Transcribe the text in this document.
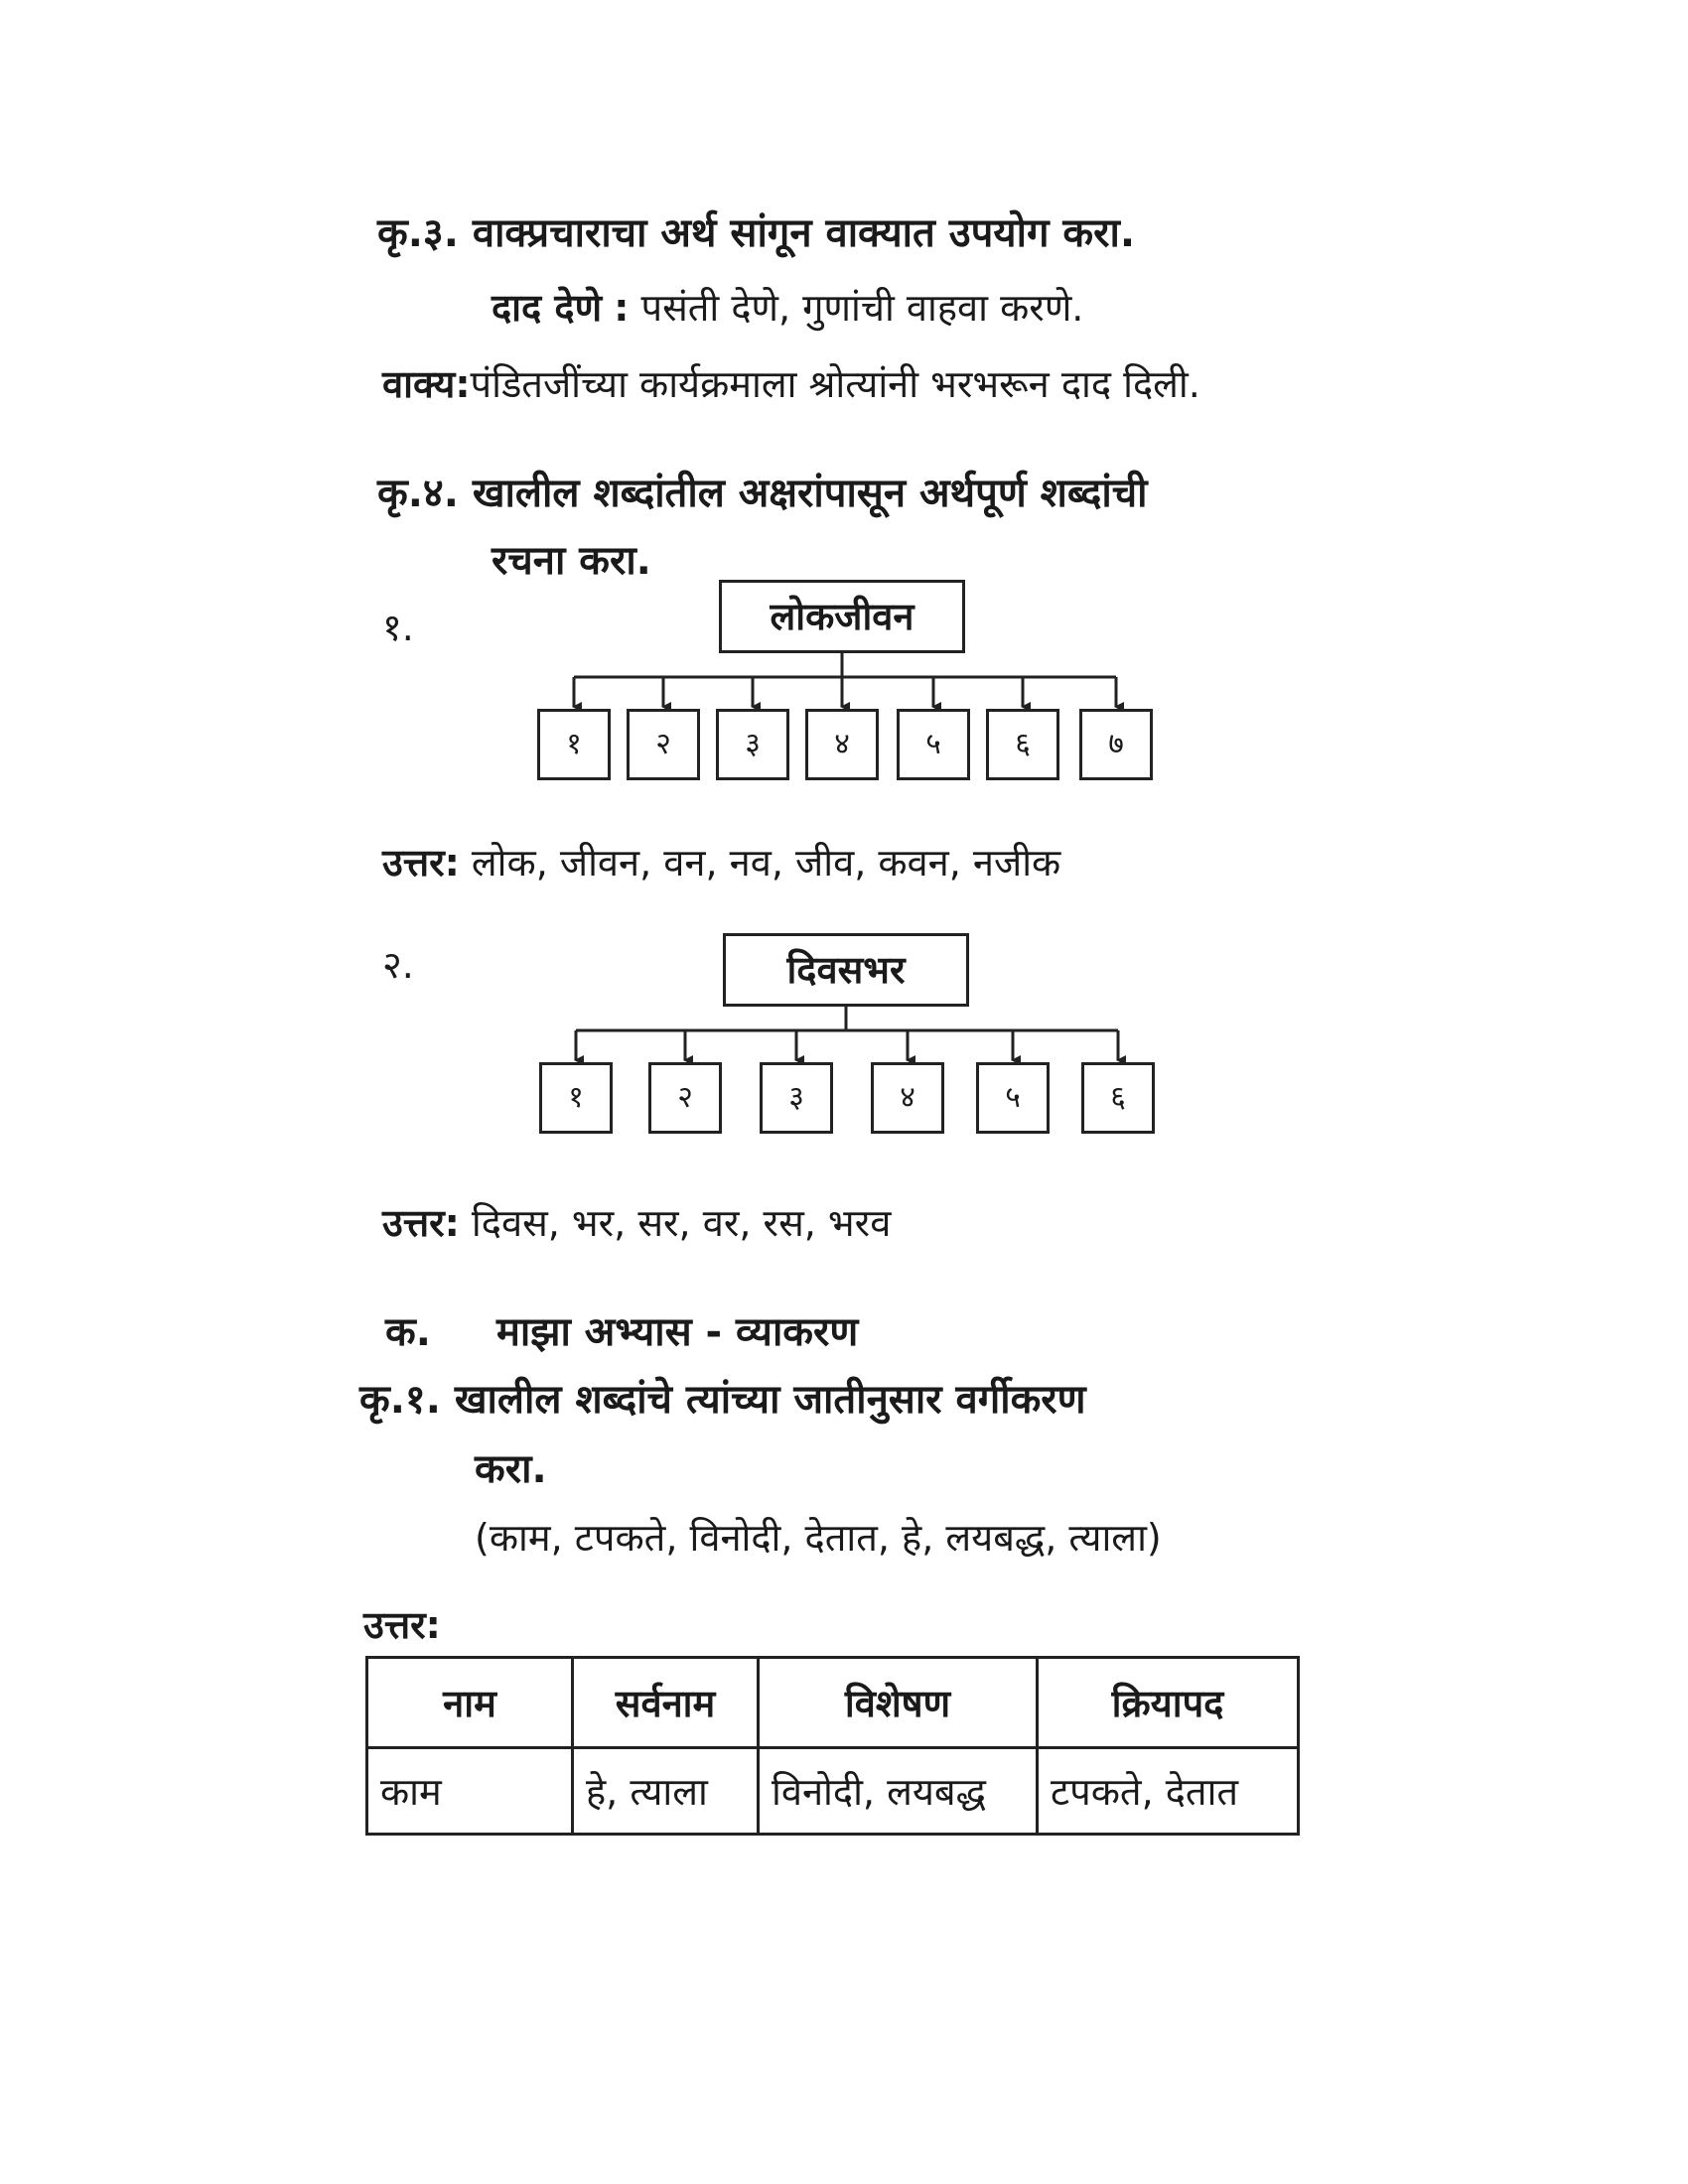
कृ.३. वाक्प्रचाराचा अर्थ सांगून वाक्यात उपयोग करा.
दाद देणे : पसंती देणे, गुणांची वाहवा करणे.
वाक्य:पंडितजींच्या कार्यक्रमाला श्रोत्यांनी भरभरून दाद दिली.
कृ.४. खालील शब्दांतील अक्षरांपासून अर्थपूर्ण शब्दांची
रचना करा.
१.	लोकजीवन
१	२	३	४	५	६	७
उत्तर: लोक, जीवन, वन, नव, जीव, कवन, नजीक
२.	दिवसभर
१	२	३	४	५	६
उत्तर: दिवस, भर, सर, वर, रस, भरव
क. माझा अभ्यास - व्याकरण
कृ.१. खालील शब्दांचे त्यांच्या जातीनुसार वर्गीकरण
करा.
(काम, टपकते, विनोदी, देतात, हे, लयबद्ध, त्याला)
उत्तर:
नाम	सर्वनाम	विशेषण	क्रियापद
काम	हे, त्याला	विनोदी, लयबद्ध	टपकते, देतात
